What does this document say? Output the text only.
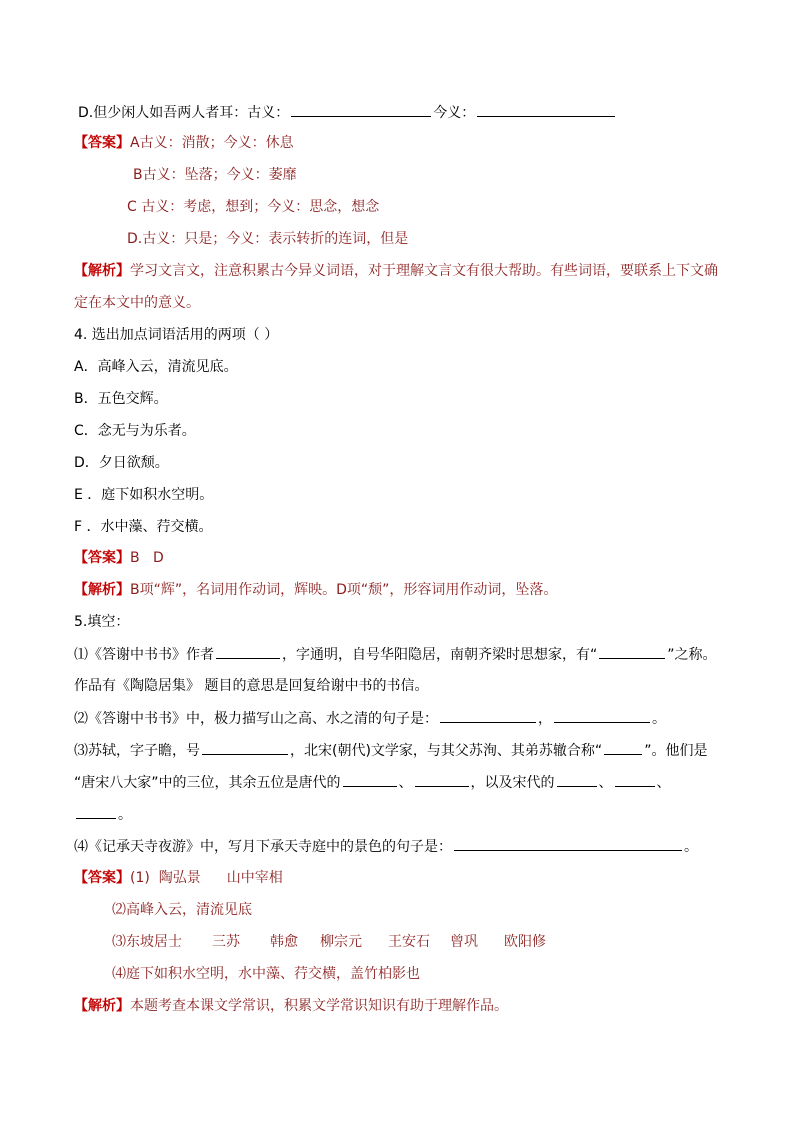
D.但少闲人如吾两人者耳：古义：	今义：
【答案】A古义：消散；今义：休息
B古义：坠落；今义：萎靡
C 古义：考虑，想到；今义：思念，想念
D.古义：只是；今义：表示转折的连词，但是
【解析】学习文言文，注意积累古今异义词语，对于理解文言文有很大帮助。有些词语，要联系上下文确
定在本文中的意义。
4. 选出加点词语活用的两项（ ）
A．高峰入云，清流见底。
B．五色交辉。
C．念无与为乐者。
D．夕日欲颓。
E ．庭下如积水空明。
F ．水中藻、荇交横。
【答案】B   D
【解析】B项“辉”，名词用作动词，辉映。D项“颓”，形容词用作动词，坠落。
5.填空：
⑴《答谢中书书》作者	，字通明，自号华阳隐居，南朝齐梁时思想家，有“	”之称。
作品有《陶隐居集》 题目的意思是回复给谢中书的书信。
⑵《答谢中书书》中，极力描写山之高、水之清的句子是：	，	。
⑶苏轼，字子瞻，号	，北宋(朝代)文学家，与其父苏洵、其弟苏辙合称“	”。他们是
“唐宋八大家”中的三位，其余五位是唐代的	、	，以及宋代的	、	、
。
⑷《记承天寺夜游》中，写月下承天寺庭中的景色的句子是：	。
【答案】(1)  陶弘景 山中宰相
⑵高峰入云，清流见底
⑶东坡居士 三苏 韩愈 柳宗元 王安石 曾巩 欧阳修
⑷庭下如积水空明，水中藻、荇交横，盖竹柏影也
【解析】本题考查本课文学常识，积累文学常识知识有助于理解作品。
